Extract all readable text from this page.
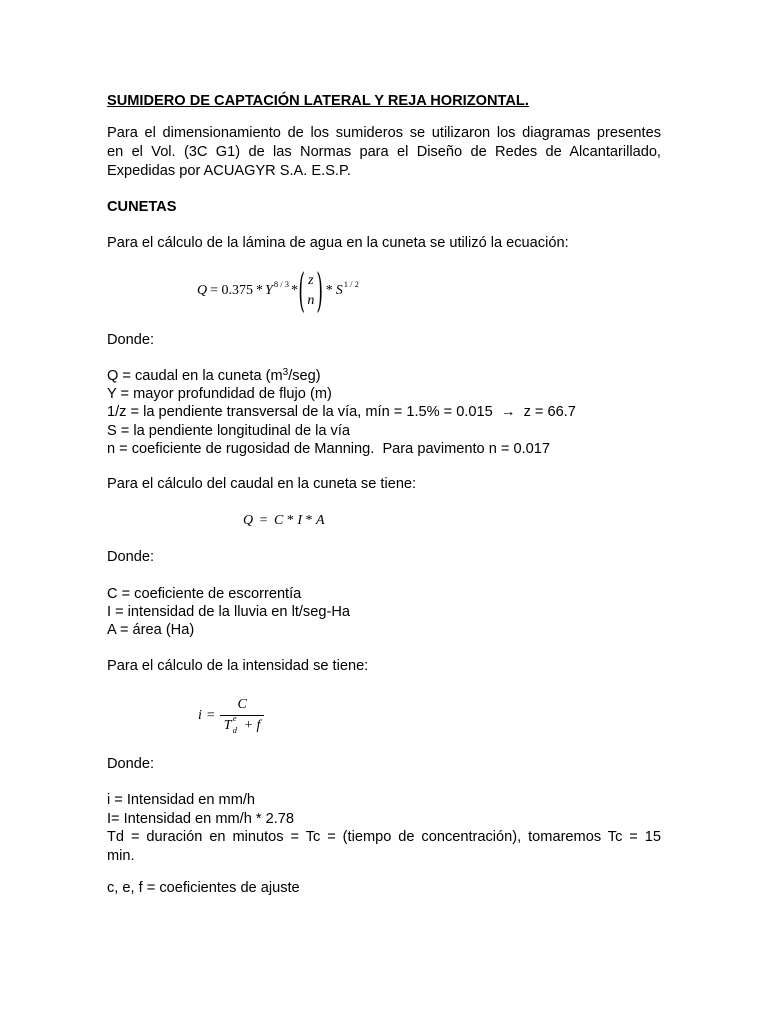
SUMIDERO DE CAPTACIÓN LATERAL Y REJA HORIZONTAL.
Para el dimensionamiento de los sumideros se utilizaron los diagramas presentes
en el Vol. (3C G1) de las Normas para el Diseño de Redes de Alcantarillado,
Expedidas por ACUAGYR S.A. E.S.P.
CUNETAS
Para el cálculo de la lámina de agua en la cuneta se utilizó la ecuación:
Q = 0.375 * Y 8 / 3 * ( z
n ) * S 1 / 2
Donde:
Q = caudal en la cuneta $(m^3/seg)$
Y = mayor profundidad de flujo (m)
1/z = la pendiente transversal de la vía, mín = 1.5% = 0.015  →  z = 66.7
S = la pendiente longitudinal de la vía
n = coeficiente de rugosidad de Manning.  Para pavimento n = 0.017
Para el cálculo del caudal en la cuneta se tiene:
Q = C * I * A
Donde:
C = coeficiente de escorrentía
I = intensidad de la lluvia en lt/seg-Ha
A = área (Ha)
Para el cálculo de la intensidad se tiene:
$i = \frac{C}{T_d^e + f}$
Donde:
i = Intensidad en mm/h
I= Intensidad en mm/h * 2.78
Td = duración en minutos = Tc = (tiempo de concentración), tomaremos Tc = 15
min.
c, e, f = coeficientes de ajuste
